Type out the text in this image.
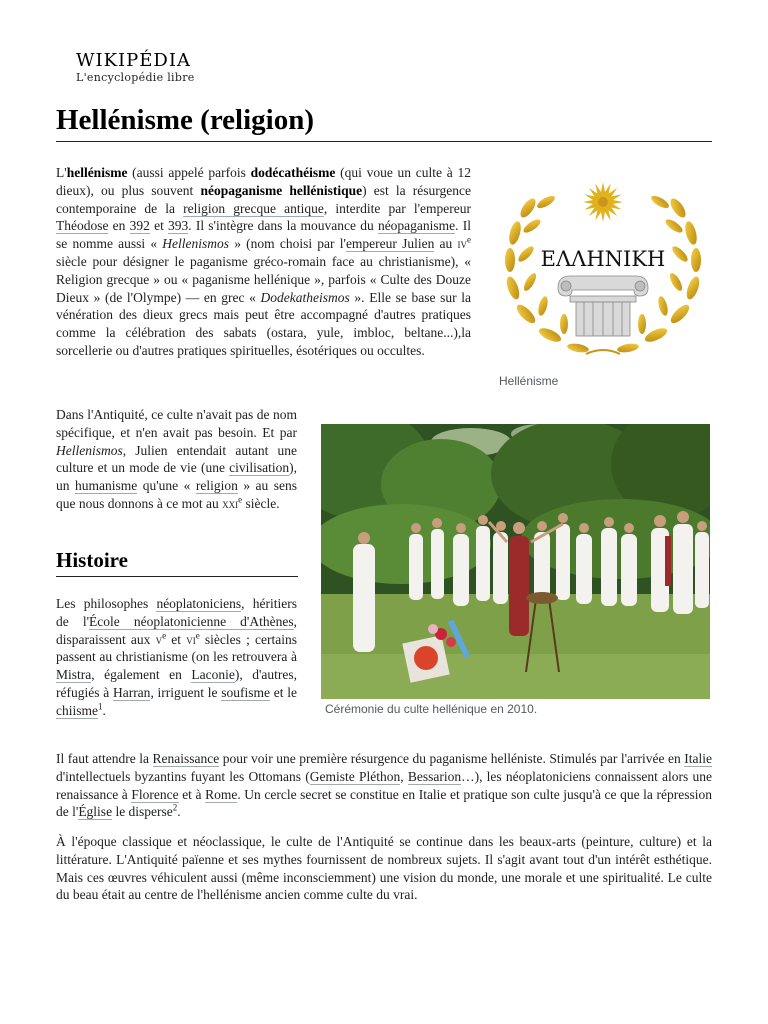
WIKIPÉDIA
L'encyclopédie libre
Hellénisme (religion)

L'hellénisme (aussi appelé parfois dodécathéisme (qui voue un culte à 12 dieux), ou plus souvent néopaganisme hellénistique) est la résurgence contemporaine de la religion grecque antique, interdite par l'empereur Théodose en 392 et 393. Il s'intègre dans la mouvance du néopaganisme. Il se nomme aussi « Hellenismos » (nom choisi par l'empereur Julien au $iv^e$ siècle pour désigner le paganisme gréco-romain face au christianisme), « Religion grecque » ou « paganisme hellénique », parfois « Culte des Douze Dieux » (de l'Olympe) — en grec « Dodekatheismos ». Elle se base sur la vénération des dieux grecs mais peut être accompagné d'autres pratiques comme la célébration des sabats (ostara, yule, imbloc, beltane...),la sorcellerie ou d'autres pratiques spirituelles, ésotériques ou occultes.

ΕΛΛΗΝΙΚΗ
Hellénisme

Dans l'Antiquité, ce culte n'avait pas de nom spécifique, et n'en avait pas besoin. Et par Hellenismos, Julien entendait autant une culture et un mode de vie (une civilisation), un humanisme qu'une « religion » au sens que nous donnons à ce mot au xxi$^e$ siècle.

Cérémonie du culte hellénique en 2010.
Histoire

Les philosophes néoplatoniciens, héritiers de l'École néoplatonicienne d'Athènes, disparaissent aux $v^e$ et $vi^e$ siècles ; certains passent au christianisme (on les retrouvera à Mistra, également en Laconie), d'autres, réfugiés à Harran, irriguent le soufisme et le chiisme$^1$.

Il faut attendre la Renaissance pour voir une première résurgence du paganisme helléniste. Stimulés par l'arrivée en Italie d'intellectuels byzantins fuyant les Ottomans (Gemiste Pléthon, Bessarion…), les néoplatoniciens connaissent alors une renaissance à Florence et à Rome. Un cercle secret se constitue en Italie et pratique son culte jusqu'à ce que la répression de l'Église le disperse$^2$.

À l'époque classique et néoclassique, le culte de l'Antiquité se continue dans les beaux-arts (peinture, culture) et la littérature. L'Antiquité païenne et ses mythes fournissent de nombreux sujets. Il s'agit avant tout d'un intérêt esthétique. Mais ces œuvres véhiculent aussi (même inconsciemment) une vision du monde, une morale et une spiritualité. Le culte du beau était au centre de l'hellénisme ancien comme culte du vrai.
